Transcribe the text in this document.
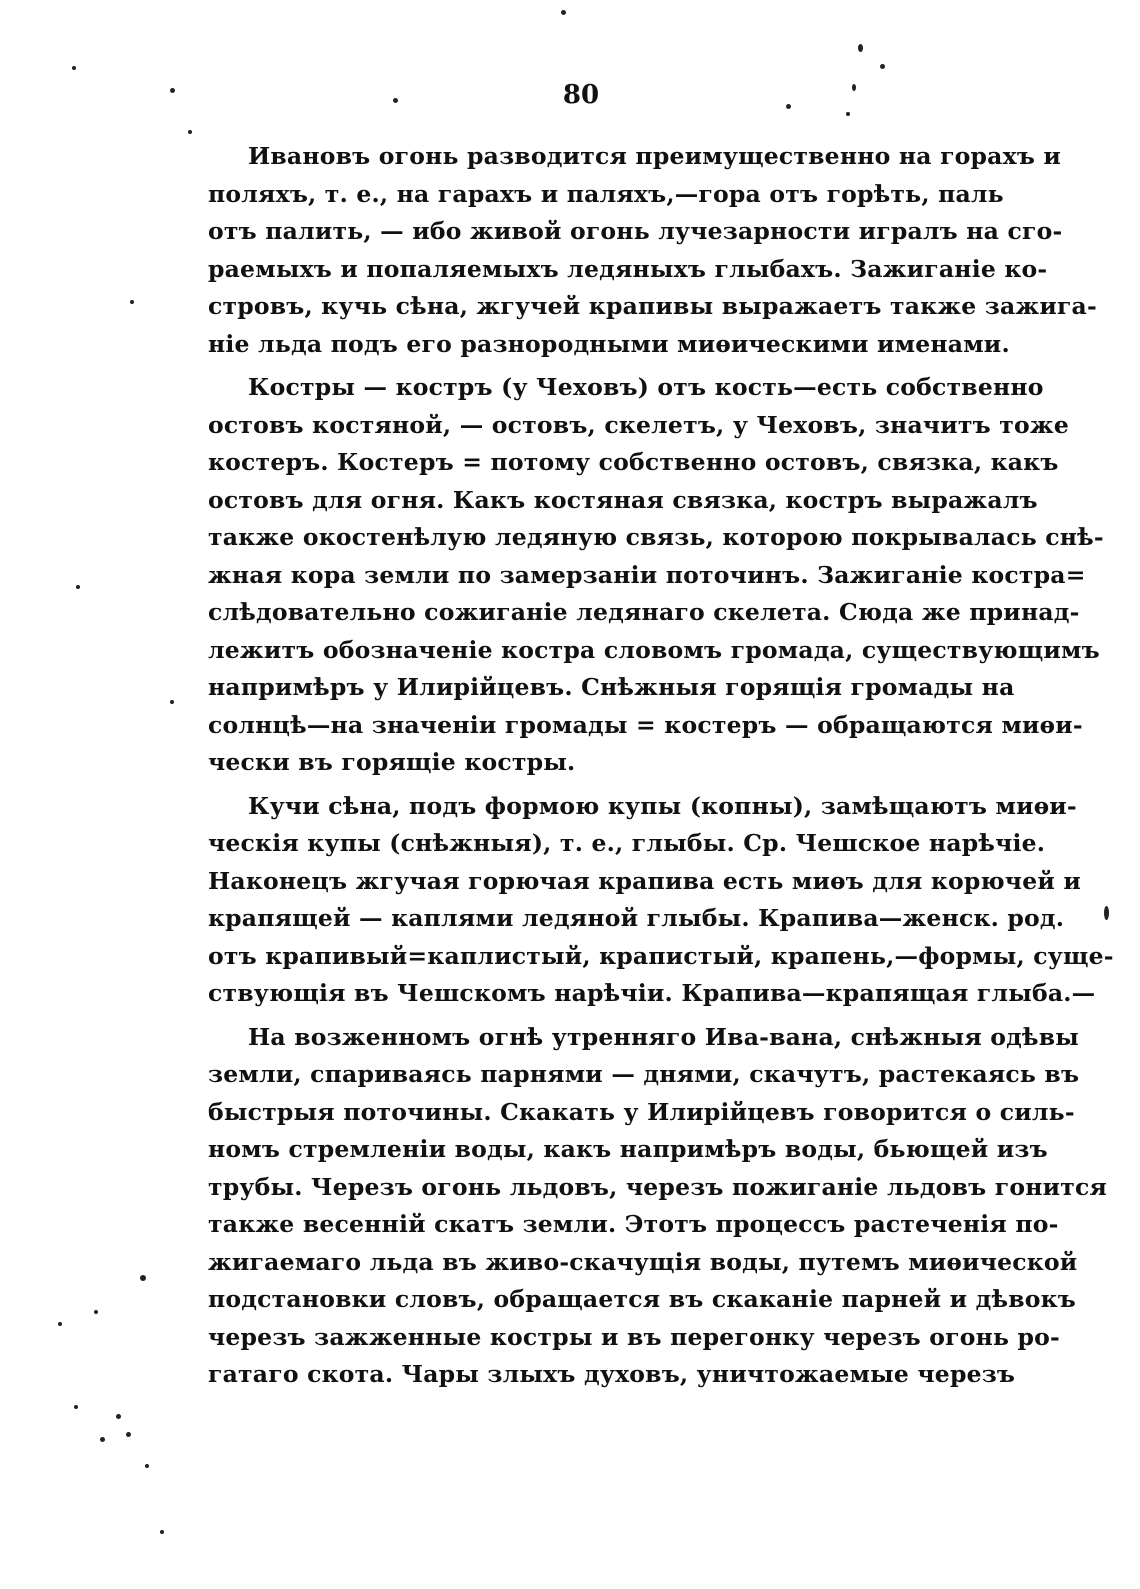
80

Ивановъ огонь разводится преимущественно на горахъ и
поляхъ, т. е., на гарахъ и паляхъ,—гора отъ горѣть, паль
отъ палить, — ибо живой огонь лучезарности игралъ на сго-
раемыхъ и попаляемыхъ ледяныхъ глыбахъ. Зажиганіе ко-
стровъ, кучь сѣна, жгучей крапивы выражаетъ также зажига-
ніе льда подъ его разнородными миѳическими именами.

Костры — костръ (у Чеховъ) отъ кость—есть собственно
остовъ костяной, — остовъ, скелетъ, у Чеховъ, значитъ тоже
костеръ. Костеръ = потому собственно остовъ, связка, какъ
остовъ для огня. Какъ костяная связка, костръ выражалъ
также окостенѣлую ледяную связь, которою покрывалась снѣ-
жная кора земли по замерзаніи поточинъ. Зажиганіе костра=
слѣдовательно сожиганіе ледянаго скелета. Сюда же принад-
лежитъ обозначеніе костра словомъ громада, существующимъ
напримѣръ у Илирійцевъ. Снѣжныя горящія громады на
солнцѣ—на значеніи громады = костеръ — обращаются миѳи-
чески въ горящіе костры.

Кучи сѣна, подъ формою купы (копны), замѣщаютъ миѳи-
ческія купы (снѣжныя), т. е., глыбы. Ср. Чешское нарѣчіе.
Наконецъ жгучая горючая крапива есть миѳъ для корючей и
крапящей — каплями ледяной глыбы. Крапива—женск. род.
отъ крапивый=каплистый, крапистый, крапень,—формы, суще-
ствующія въ Чешскомъ нарѣчіи. Крапива—крапящая глыба.—

На возженномъ огнѣ утренняго Ива-вана, снѣжныя одѣвы
земли, спариваясь парнями — днями, скачутъ, растекаясь въ
быстрыя поточины. Скакать у Илирійцевъ говорится о силь-
номъ стремленіи воды, какъ напримѣръ воды, бьющей изъ
трубы. Черезъ огонь льдовъ, черезъ пожиганіе льдовъ гонится
также весенній скатъ земли. Этотъ процессъ растеченія по-
жигаемаго льда въ живо-скачущія воды, путемъ миѳической
подстановки словъ, обращается въ скаканіе парней и дѣвокъ
черезъ зажженные костры и въ перегонку черезъ огонь ро-
гатаго скота. Чары злыхъ духовъ, уничтожаемые черезъ
